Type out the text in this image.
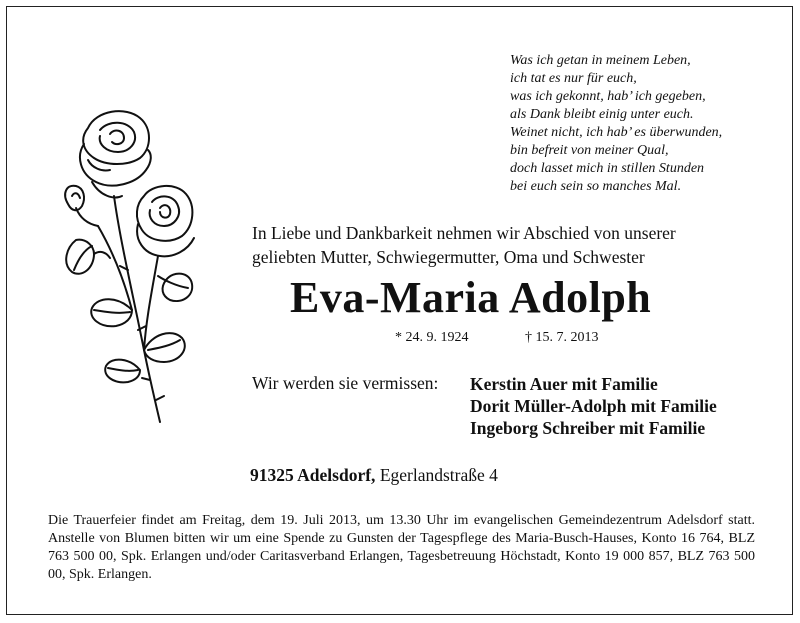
Was ich getan in meinem Leben,
ich tat es nur für euch,
was ich gekonnt, hab’ ich gegeben,
als Dank bleibt einig unter euch.
Weinet nicht, ich hab’ es überwunden,
bin befreit von meiner Qual,
doch lasset mich in stillen Stunden
bei euch sein so manches Mal.
In Liebe und Dankbarkeit nehmen wir Abschied von unserer
geliebten Mutter, Schwiegermutter, Oma und Schwester
Eva-Maria Adolph
* 24. 9. 1924	† 15. 7. 2013
Wir werden sie vermissen: Kerstin Auer mit Familie
Dorit Müller-Adolph mit Familie
Ingeborg Schreiber mit Familie
91325 Adelsdorf, Egerlandstraße 4
Die Trauerfeier findet am Freitag, dem 19. Juli 2013, um 13.30 Uhr im evangelischen Gemeindezentrum Adelsdorf statt. Anstelle von Blumen bitten wir um eine Spende zu Gunsten der Tagespflege des Maria-Busch-Hauses, Konto 16 764, BLZ 763 500 00, Spk. Erlangen und/oder Caritasverband Erlangen, Tagesbetreuung Höchstadt, Konto 19 000 857, BLZ 763 500 00, Spk. Erlangen.
